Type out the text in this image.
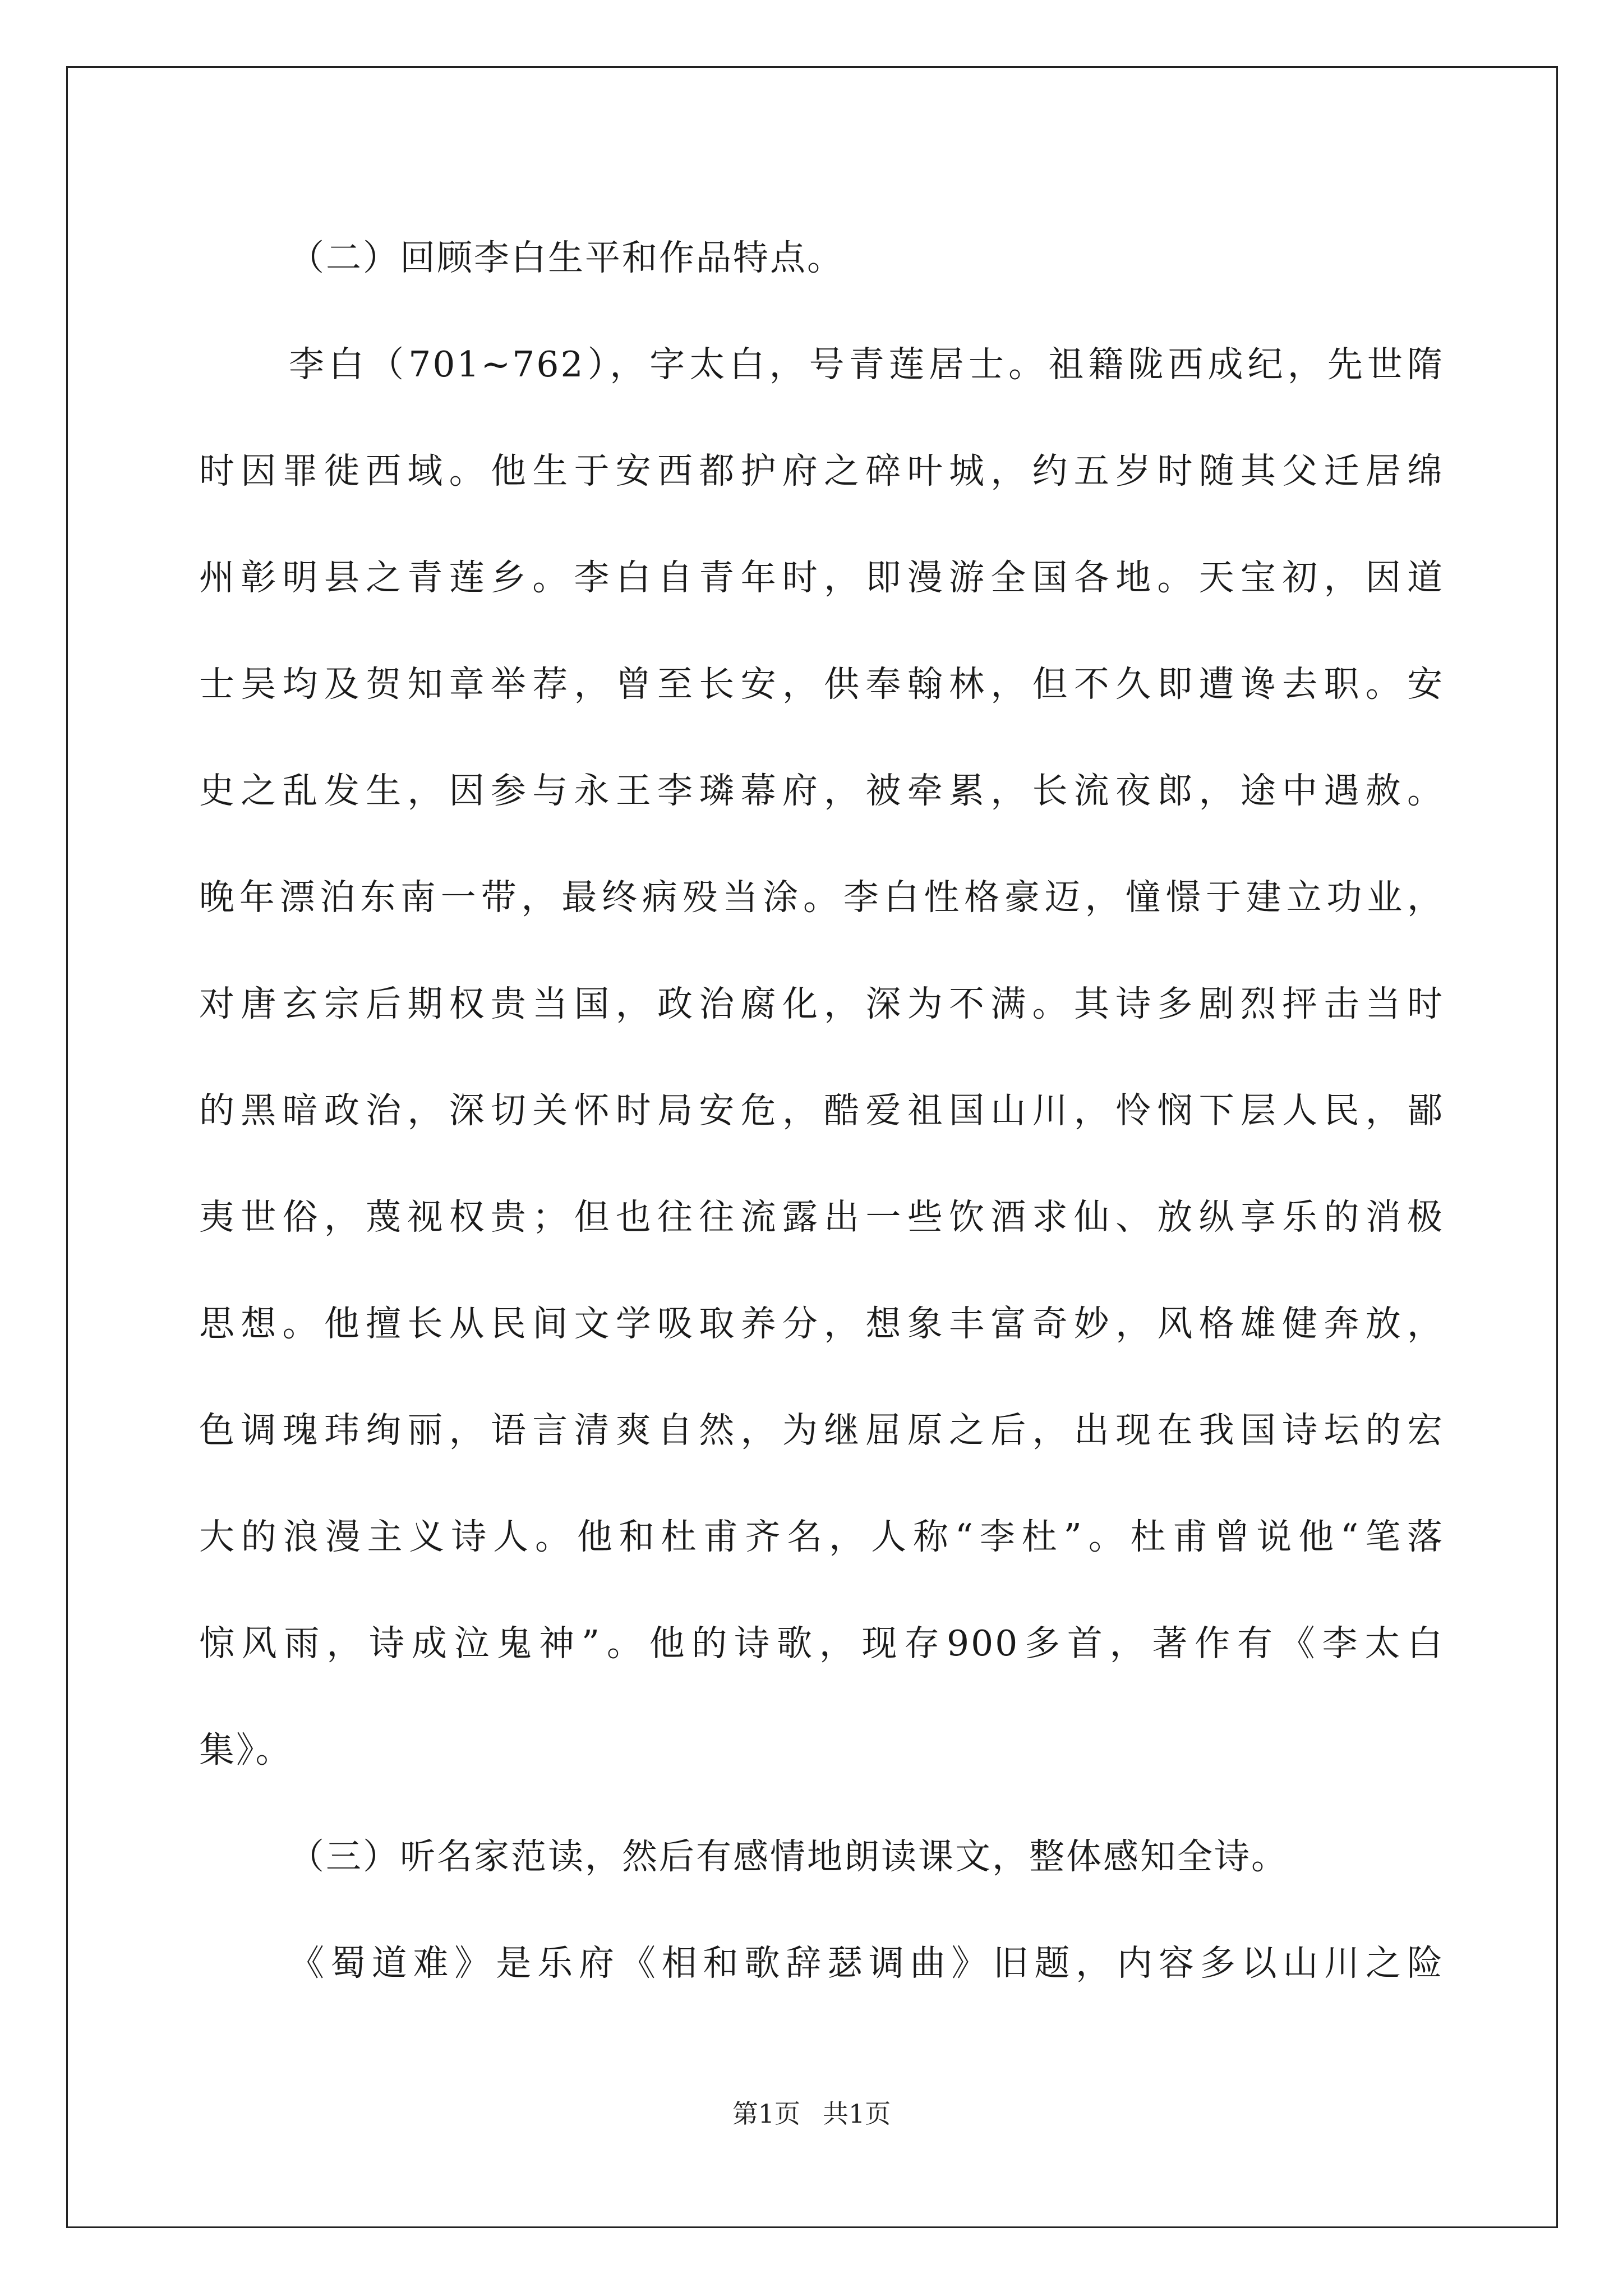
（二）回顾李白生平和作品特点。
李白（701~762），字太白，号青莲居士。祖籍陇西成纪，先世隋
时因罪徙西域。他生于安西都护府之碎叶城，约五岁时随其父迁居绵
州彰明县之青莲乡。李白自青年时，即漫游全国各地。天宝初，因道
士吴均及贺知章举荐，曾至长安，供奉翰林，但不久即遭谗去职。安
史之乱发生，因参与永王李璘幕府，被牵累，长流夜郎，途中遇赦。
晚年漂泊东南一带，最终病殁当涂。李白性格豪迈，憧憬于建立功业，
对唐玄宗后期权贵当国，政治腐化，深为不满。其诗多剧烈抨击当时
的黑暗政治，深切关怀时局安危，酷爱祖国山川，怜悯下层人民，鄙
夷世俗，蔑视权贵；但也往往流露出一些饮酒求仙、放纵享乐的消极
思想。他擅长从民间文学吸取养分，想象丰富奇妙，风格雄健奔放，
色调瑰玮绚丽，语言清爽自然，为继屈原之后，出现在我国诗坛的宏
大的浪漫主义诗人。他和杜甫齐名，人称“李杜”。杜甫曾说他“笔落
惊风雨，诗成泣鬼神”。他的诗歌，现存900多首，著作有《李太白
集》。
（三）听名家范读，然后有感情地朗读课文，整体感知全诗。
《蜀道难》是乐府《相和歌辞瑟调曲》旧题，内容多以山川之险
第1页 共1页
